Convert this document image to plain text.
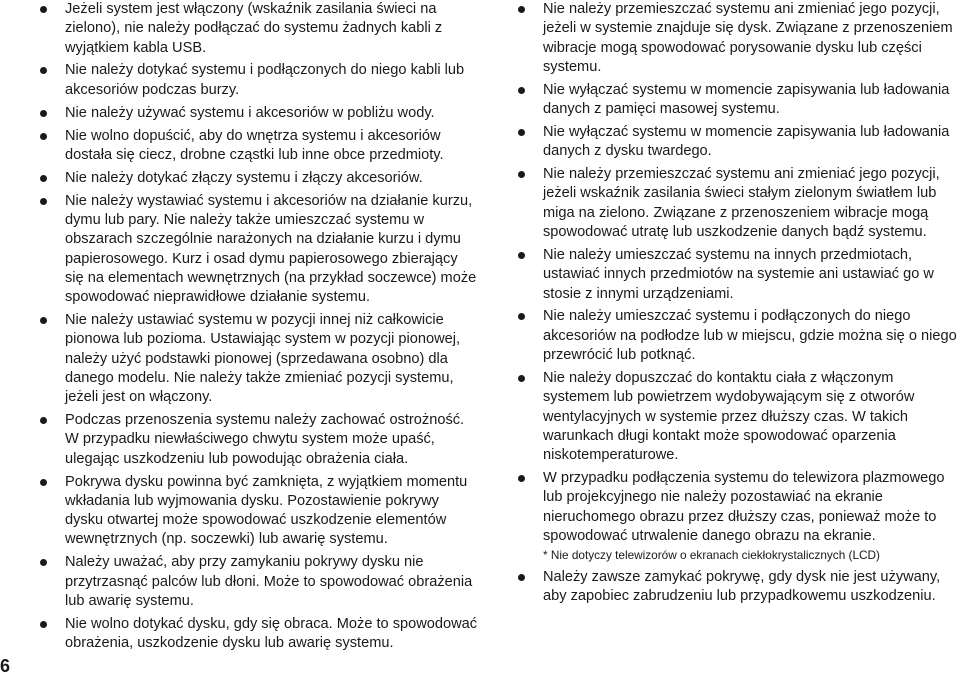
Jeżeli system jest włączony (wskaźnik zasilania świeci na zielono), nie należy podłączać do systemu żadnych kabli z wyjątkiem kabla USB.
Nie należy dotykać systemu i podłączonych do niego kabli lub akcesoriów podczas burzy.
Nie należy używać systemu i akcesoriów w pobliżu wody.
Nie wolno dopuścić, aby do wnętrza systemu i akcesoriów dostała się ciecz, drobne cząstki lub inne obce przedmioty.
Nie należy dotykać złączy systemu i złączy akcesoriów.
Nie należy wystawiać systemu i akcesoriów na działanie kurzu, dymu lub pary. Nie należy także umieszczać systemu w obszarach szczególnie narażonych na działanie kurzu i dymu papierosowego. Kurz i osad dymu papierosowego zbierający się na elementach wewnętrznych (na przykład soczewce) może spowodować nieprawidłowe działanie systemu.
Nie należy ustawiać systemu w pozycji innej niż całkowicie pionowa lub pozioma. Ustawiając system w pozycji pionowej, należy użyć podstawki pionowej (sprzedawana osobno) dla danego modelu. Nie należy także zmieniać pozycji systemu, jeżeli jest on włączony.
Podczas przenoszenia systemu należy zachować ostrożność. W przypadku niewłaściwego chwytu system może upaść, ulegając uszkodzeniu lub powodując obrażenia ciała.
Pokrywa dysku powinna być zamknięta, z wyjątkiem momentu wkładania lub wyjmowania dysku. Pozostawienie pokrywy dysku otwartej może spowodować uszkodzenie elementów wewnętrznych (np. soczewki) lub awarię systemu.
Należy uważać, aby przy zamykaniu pokrywy dysku nie przytrzasnąć palców lub dłoni. Może to spowodować obrażenia lub awarię systemu.
Nie wolno dotykać dysku, gdy się obraca. Może to spowodować obrażenia, uszkodzenie dysku lub awarię systemu.
Nie należy przemieszczać systemu ani zmieniać jego pozycji, jeżeli w systemie znajduje się dysk. Związane z przenoszeniem wibracje mogą spowodować porysowanie dysku lub części systemu.
Nie wyłączać systemu w momencie zapisywania lub ładowania danych z pamięci masowej systemu.
Nie wyłączać systemu w momencie zapisywania lub ładowania danych z dysku twardego.
Nie należy przemieszczać systemu ani zmieniać jego pozycji, jeżeli wskaźnik zasilania świeci stałym zielonym światłem lub miga na zielono. Związane z przenoszeniem wibracje mogą spowodować utratę lub uszkodzenie danych bądź systemu.
Nie należy umieszczać systemu na innych przedmiotach, ustawiać innych przedmiotów na systemie ani ustawiać go w stosie z innymi urządzeniami.
Nie należy umieszczać systemu i podłączonych do niego akcesoriów na podłodze lub w miejscu, gdzie można się o niego przewrócić lub potknąć.
Nie należy dopuszczać do kontaktu ciała z włączonym systemem lub powietrzem wydobywającym się z otworów wentylacyjnych w systemie przez dłuższy czas. W takich warunkach długi kontakt może spowodować oparzenia niskotemperaturowe.
W przypadku podłączenia systemu do telewizora plazmowego lub projekcyjnego nie należy pozostawiać na ekranie nieruchomego obrazu przez dłuższy czas, ponieważ może to spowodować utrwalenie danego obrazu na ekranie.
* Nie dotyczy telewizorów o ekranach ciekłokrystalicznych (LCD)
Należy zawsze zamykać pokrywę, gdy dysk nie jest używany, aby zapobiec zabrudzeniu lub przypadkowemu uszkodzeniu.
6
